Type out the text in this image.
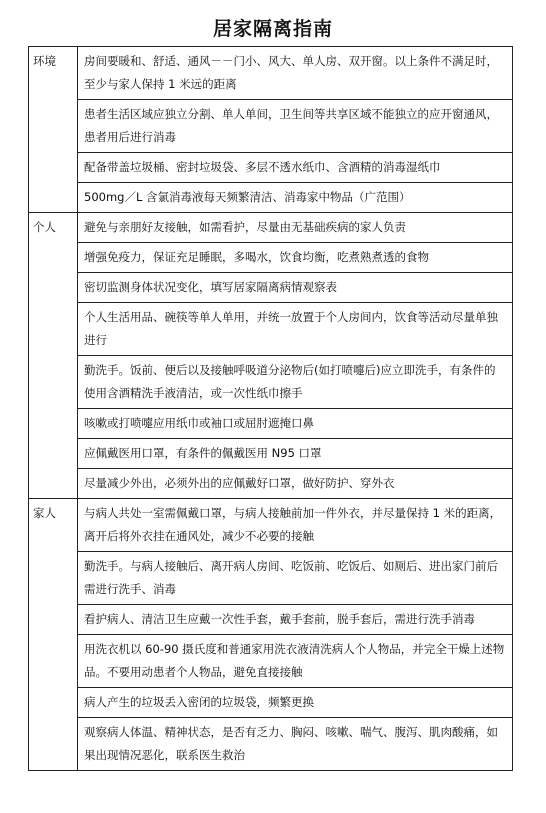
居家隔离指南
环境	房间要暖和、舒适、通风－－门小、风大、单人房、双开窗。以上条件不满足时，至少与家人保持 1 米远的距离
	患者生活区域应独立分割、单人单间，卫生间等共享区域不能独立的应开窗通风，患者用后进行消毒
	配备带盖垃圾桶、密封垃圾袋、多层不透水纸巾、含酒精的消毒湿纸巾
	500mg／L 含氯消毒液每天频繁清洁、消毒家中物品（广范围）
个人	避免与亲朋好友接触，如需看护，尽量由无基础疾病的家人负责
	增强免疫力，保证充足睡眠，多喝水，饮食均衡，吃煮熟煮透的食物
	密切监测身体状况变化，填写居家隔离病情观察表
	个人生活用品、碗筷等单人单用，并统一放置于个人房间内，饮食等活动尽量单独进行
	勤洗手。饭前、便后以及接触呼吸道分泌物后(如打喷嚏后)应立即洗手，有条件的使用含酒精洗手液清洁，或一次性纸巾擦手
	咳嗽或打喷嚏应用纸巾或袖口或屈肘遮掩口鼻
	应佩戴医用口罩，有条件的佩戴医用 N95 口罩
	尽量减少外出，必须外出的应佩戴好口罩，做好防护、穿外衣
家人	与病人共处一室需佩戴口罩，与病人接触前加一件外衣，并尽量保持 1 米的距离，离开后将外衣挂在通风处，减少不必要的接触
	勤洗手。与病人接触后、离开病人房间、吃饭前、吃饭后、如厕后、进出家门前后需进行洗手、消毒
	看护病人、清洁卫生应戴一次性手套，戴手套前，脱手套后，需进行洗手消毒
	用洗衣机以 60-90 摄氏度和普通家用洗衣液清洗病人个人物品，并完全干燥上述物品。不要用动患者个人物品，避免直接接触
	病人产生的垃圾丢入密闭的垃圾袋，频繁更换
	观察病人体温、精神状态，是否有乏力、胸闷、咳嗽、喘气、腹泻、肌肉酸痛，如果出现情况恶化，联系医生救治
